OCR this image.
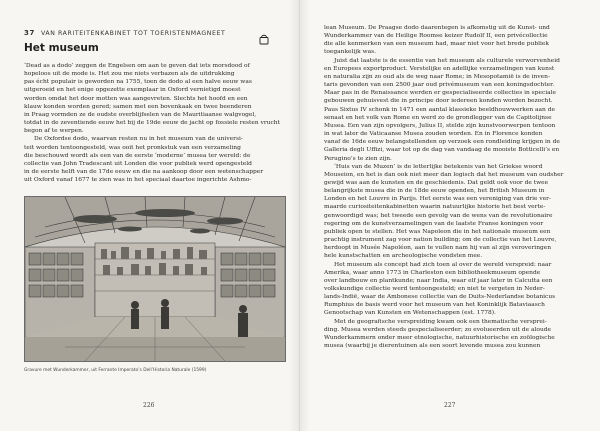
37 VAN RARITEITENKABINET TOT TOERISTENMAGNEET
Het museum

‘Dead as a dodo’ zeggen de Engelsen om aan te geven dat iets morsdood of
hopeloos uit de mode is. Het zou me niets verbazen als de uitdrukking
pas écht populair is geworden na 1755, toen de dodo al een halve eeuw was
uitgeroeid en het enige opgezette exemplaar in Oxford vernietigd moest
worden omdat het door motten was aangevreten. Slechts het hoofd en een
klauw konden worden gered; samen met een bovenkaak en twee beenderen
in Praag vormden ze de oudste overblijfselen van de Mauritiaanse walgvogel,
totdat in de zeventiende eeuw het bij de 19de eeuw de jacht op fossiele resten vrucht
begon af te werpen.

De Oxfordse dodo, waarvan resten nu in het museum van de universi-
teit worden tentoongesteld, was ooit het pronkstuk van een verzameling
die beschouwd wordt als een van de eerste ‘moderne’ musea ter wereld: de
collectie van John Tradescant uit Londen die voor publiek werd opengesteld
in de eerste helft van de 17de eeuw en die na aankoop door een wetenschapper
uit Oxford vanaf 1677 te zien was in het speciaal daartoe ingerichte Ashmo-

Gravure met Wunderkammer, uit Ferrante Imperato’s Dell’Historia Naturale (1599)
226

lean Museum. De Praagse dodo daarentegen is afkomstig uit de Kunst- und
Wunderkammer van de Heilige Roomse keizer Rudolf II, een privécollectie
die alle kenmerken van een museum had, maar niet voor het brede publiek
toegankelijk was.

Juist dat laatste is de essentie van het museum als culturele verworvenheid
en Europees exportproduct. Verstelijke en adellijke verzamelingen van kunst
en naturalia zijn zo oud als de weg naar Rome; in Mesopotamië is de inven-
taris gevonden van een 2500 jaar oud privémuseum van een koningsdochter.
Maar pas in de Renaissance werden er gespecialiseerde collecties in speciale
gebouwen gehuisvest die in principe door iedereen konden worden bezocht.
Paus Sixtus IV schonk in 1471 een aantal klassieke beeldhouwwerken aan de
senaat en het volk van Rome en werd zo de grondlegger van de Capitolijnse
Musea. Een van zijn opvolgers, Julius II, stelde zijn kunstvoorwerpen tentoon
in wat later de Vaticaanse Musea zouden worden. En in Florence konden
vanaf de 16de eeuw belangstellenden op verzoek een rondleiding krijgen in de
Galleria degli Uffizi, waar tot op de dag van vandaag de mooiste Botticelli’s en
Perugino’s te zien zijn.

‘Huis van de Muzen’ is de letterlijke betekenis van het Griekse woord
Mouseion, en het is dan ook niet meer dan logisch dat het museum van oudsher
gewijd was aan de kunsten en de geschiedenis. Dat geldt ook voor de twee
belangrijkste musea die in de 18de eeuw openden, het British Museum in
Londen en het Louvre in Parijs. Het eerste was een vereniging van drie ver-
maarde curiositeitenkabinetten waarin natuurlijke historie het best verte-
genwoordigd was; het tweede een gevolg van de wens van de revolutionaire
regering om de kunstverzamelingen van de laatste Franse koningen voor
publiek open te stellen. Het was Napoleon die in het nationale museum een
prachtig instrument zag voor nation building; om de collectie van het Louvre,
herdoopt in Musée Napoléon, aan te vullen nam hij van al zijn veroveringen
hele kunstschatten en archeologische vondsten mee.

Het museum als concept had zich toen al over de wereld verspreid: naar
Amerika, waar anno 1773 in Charleston een bibliotheekmuseum opende
over landbouw en plantkunde; naar India, waar elf jaar later in Calcutta een
volkskundige collectie werd tentoongesteld; en niet te vergeten in Neder-
lands-Indië, waar de Ambonese collectie van de Duits-Nederlandse botanicus
Rumphius de basis werd voor het museum van het Koninklijk Bataviaasch
Genootschap van Kunsten en Wetenschappen (est. 1778).

Met de geografische verspreiding kwam ook een thematische versprei-
ding. Musea werden steeds gespecialiseerder; zo evolueerden uit de aloude
Wunderkammern onder meer etnologische, natuurhistorische en zoölogische
musea (waarbij je dierentuinen als een soort levende musea zou kunnen

227
